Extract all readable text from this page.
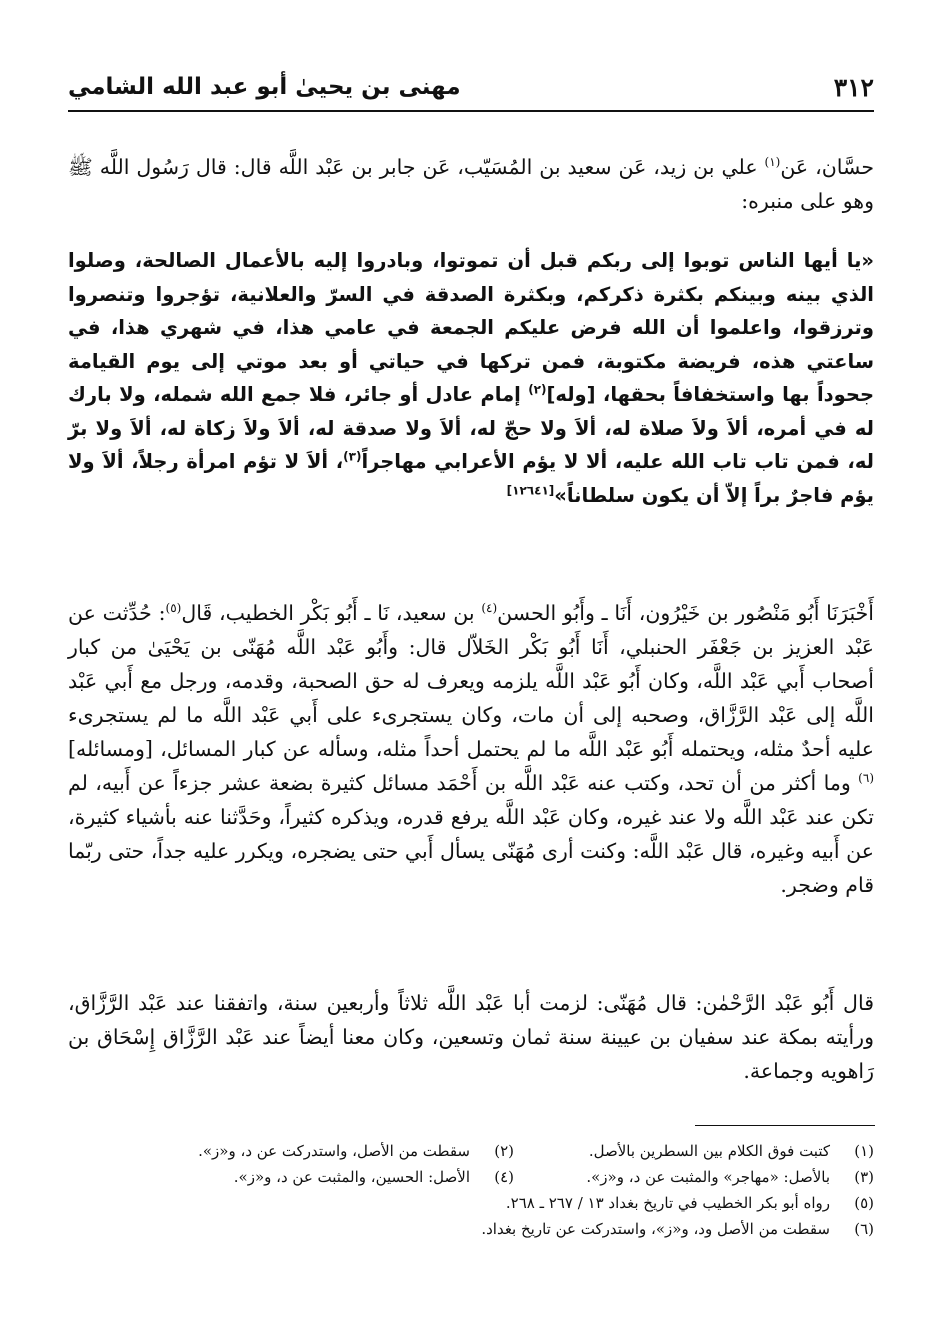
٣١٢
مهنى بن يحيىٰ أبو عبد الله الشامي
حسَّان، عَن$^{(١)}$ علي بن زيد، عَن سعيد بن المُسَيّب، عَن جابر بن عَبْد اللَّه قال: قال رَسُول اللَّه ﷺ وهو على منبره:
«يا أيها الناس توبوا إلى ربكم قبل أن تموتوا، وبادروا إليه بالأعمال الصالحة، وصلوا الذي بينه وبينكم بكثرة ذكركم، وبكثرة الصدقة في السرّ والعلانية، تؤجروا وتنصروا وترزقوا، واعلموا أن الله فرض عليكم الجمعة في عامي هذا، في شهري هذا، في ساعتي هذه، فريضة مكتوبة، فمن تركها في حياتي أو بعد موتي إلى يوم القيامة جحوداً بها واستخفافاً بحقها، [وله]$^{(٢)}$ إمام عادل أو جائر، فلا جمع الله شمله، ولا بارك له في أمره، ألاَ ولاَ صلاة له، ألاَ ولا حجّ له، ألاَ ولا صدقة له، ألاَ ولاَ زكاة له، ألاَ ولا برّ له، فمن تاب تاب الله عليه، ألا لا يؤم الأعرابي مهاجراً$^{(٣)}$، ألاَ لا تؤم امرأة رجلاً، ألاَ ولا يؤم فاجرٌ براً إلاّ أن يكون سلطاناً»[١٢٦٤١]
أَخْبَرَنَا أَبُو مَنْصُور بن خَيْرُون، أَنَا ـ وأَبُو الحسن$^{(٤)}$ بن سعيد، نَا ـ أَبُو بَكْر الخطيب، قَال$^{(٥)}$: حُدِّثت عن عَبْد العزيز بن جَعْفَر الحنبلي، أَنَا أَبُو بَكْر الخَلاّل قال: وأَبُو عَبْد اللَّه مُهَنّى بن يَحْيَىٰ من كبار أصحاب أَبي عَبْد اللَّه، وكان أَبُو عَبْد اللَّه يلزمه ويعرف له حق الصحبة، وقدمه، ورجل مع أَبي عَبْد اللَّه إلى عَبْد الرَّزَّاق، وصحبه إلى أن مات، وكان يستجرىء على أَبي عَبْد اللَّه ما لم يستجرىء عليه أحدٌ مثله، ويحتمله أَبُو عَبْد اللَّه ما لم يحتمل أحداً مثله، وسأله عن كبار المسائل، [ومسائله]$^{(٦)}$ وما أكثر من أن تحد، وكتب عنه عَبْد اللَّه بن أَحْمَد مسائل كثيرة بضعة عشر جزءاً عن أَبيه، لم تكن عند عَبْد اللَّه ولا عند غيره، وكان عَبْد اللَّه يرفع قدره، ويذكره كثيراً، وحَدَّثنا عنه بأشياء كثيرة، عن أَبيه وغيره، قال عَبْد اللَّه: وكنت أرى مُهَنّى يسأل أَبي حتى يضجره، ويكرر عليه جداً، حتى ربّما قام وضجر.
قال أَبُو عَبْد الرَّحْمٰن: قال مُهَنّى: لزمت أبا عَبْد اللَّه ثلاثاً وأربعين سنة، واتفقنا عند عَبْد الرَّزَّاق، ورأيته بمكة عند سفيان بن عيينة سنة ثمان وتسعين، وكان معنا أيضاً عند عَبْد الرَّزَّاق إِسْحَاق بن رَاهويه وجماعة.
(١)
كتبت فوق الكلام بين السطرين بالأصل.
(٢)
سقطت من الأصل، واستدركت عن د، و«ز».
(٣)
بالأصل: «مهاجر» والمثبت عن د، و«ز».
(٤)
الأصل: الحسين، والمثبت عن د، و«ز».
(٥)
رواه أبو بكر الخطيب في تاريخ بغداد ١٣ / ٢٦٧ ـ ٢٦٨.
(٦)
سقطت من الأصل ود، و«ز»، واستدركت عن تاريخ بغداد.
